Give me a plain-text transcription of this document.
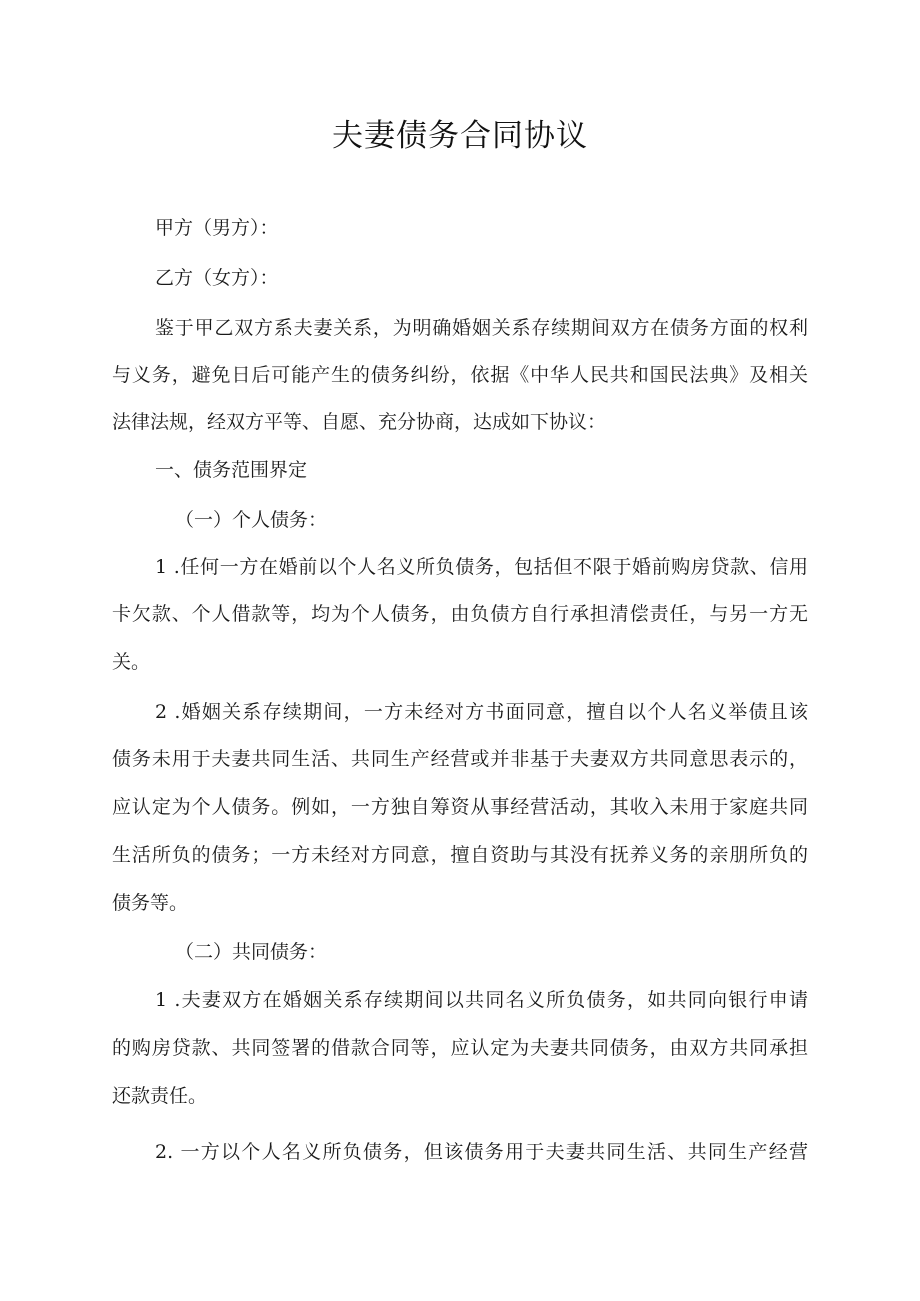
夫妻债务合同协议

甲方（男方）：

乙方（女方）：

鉴于甲乙双方系夫妻关系，为明确婚姻关系存续期间双方在债务方面的权利

与义务，避免日后可能产生的债务纠纷，依据《中华人民共和国民法典》及相关

法律法规，经双方平等、自愿、充分协商，达成如下协议：

一、债务范围界定

（一）个人债务：

1 .任何一方在婚前以个人名义所负债务，包括但不限于婚前购房贷款、信用

卡欠款、个人借款等，均为个人债务，由负债方自行承担清偿责任，与另一方无

关。

2 .婚姻关系存续期间，一方未经对方书面同意，擅自以个人名义举债且该

债务未用于夫妻共同生活、共同生产经营或并非基于夫妻双方共同意思表示的，

应认定为个人债务。例如，一方独自筹资从事经营活动，其收入未用于家庭共同

生活所负的债务；一方未经对方同意，擅自资助与其没有抚养义务的亲朋所负的

债务等。

（二）共同债务：

1 .夫妻双方在婚姻关系存续期间以共同名义所负债务，如共同向银行申请

的购房贷款、共同签署的借款合同等，应认定为夫妻共同债务，由双方共同承担

还款责任。

2. 一方以个人名义所负债务，但该债务用于夫妻共同生活、共同生产经营
